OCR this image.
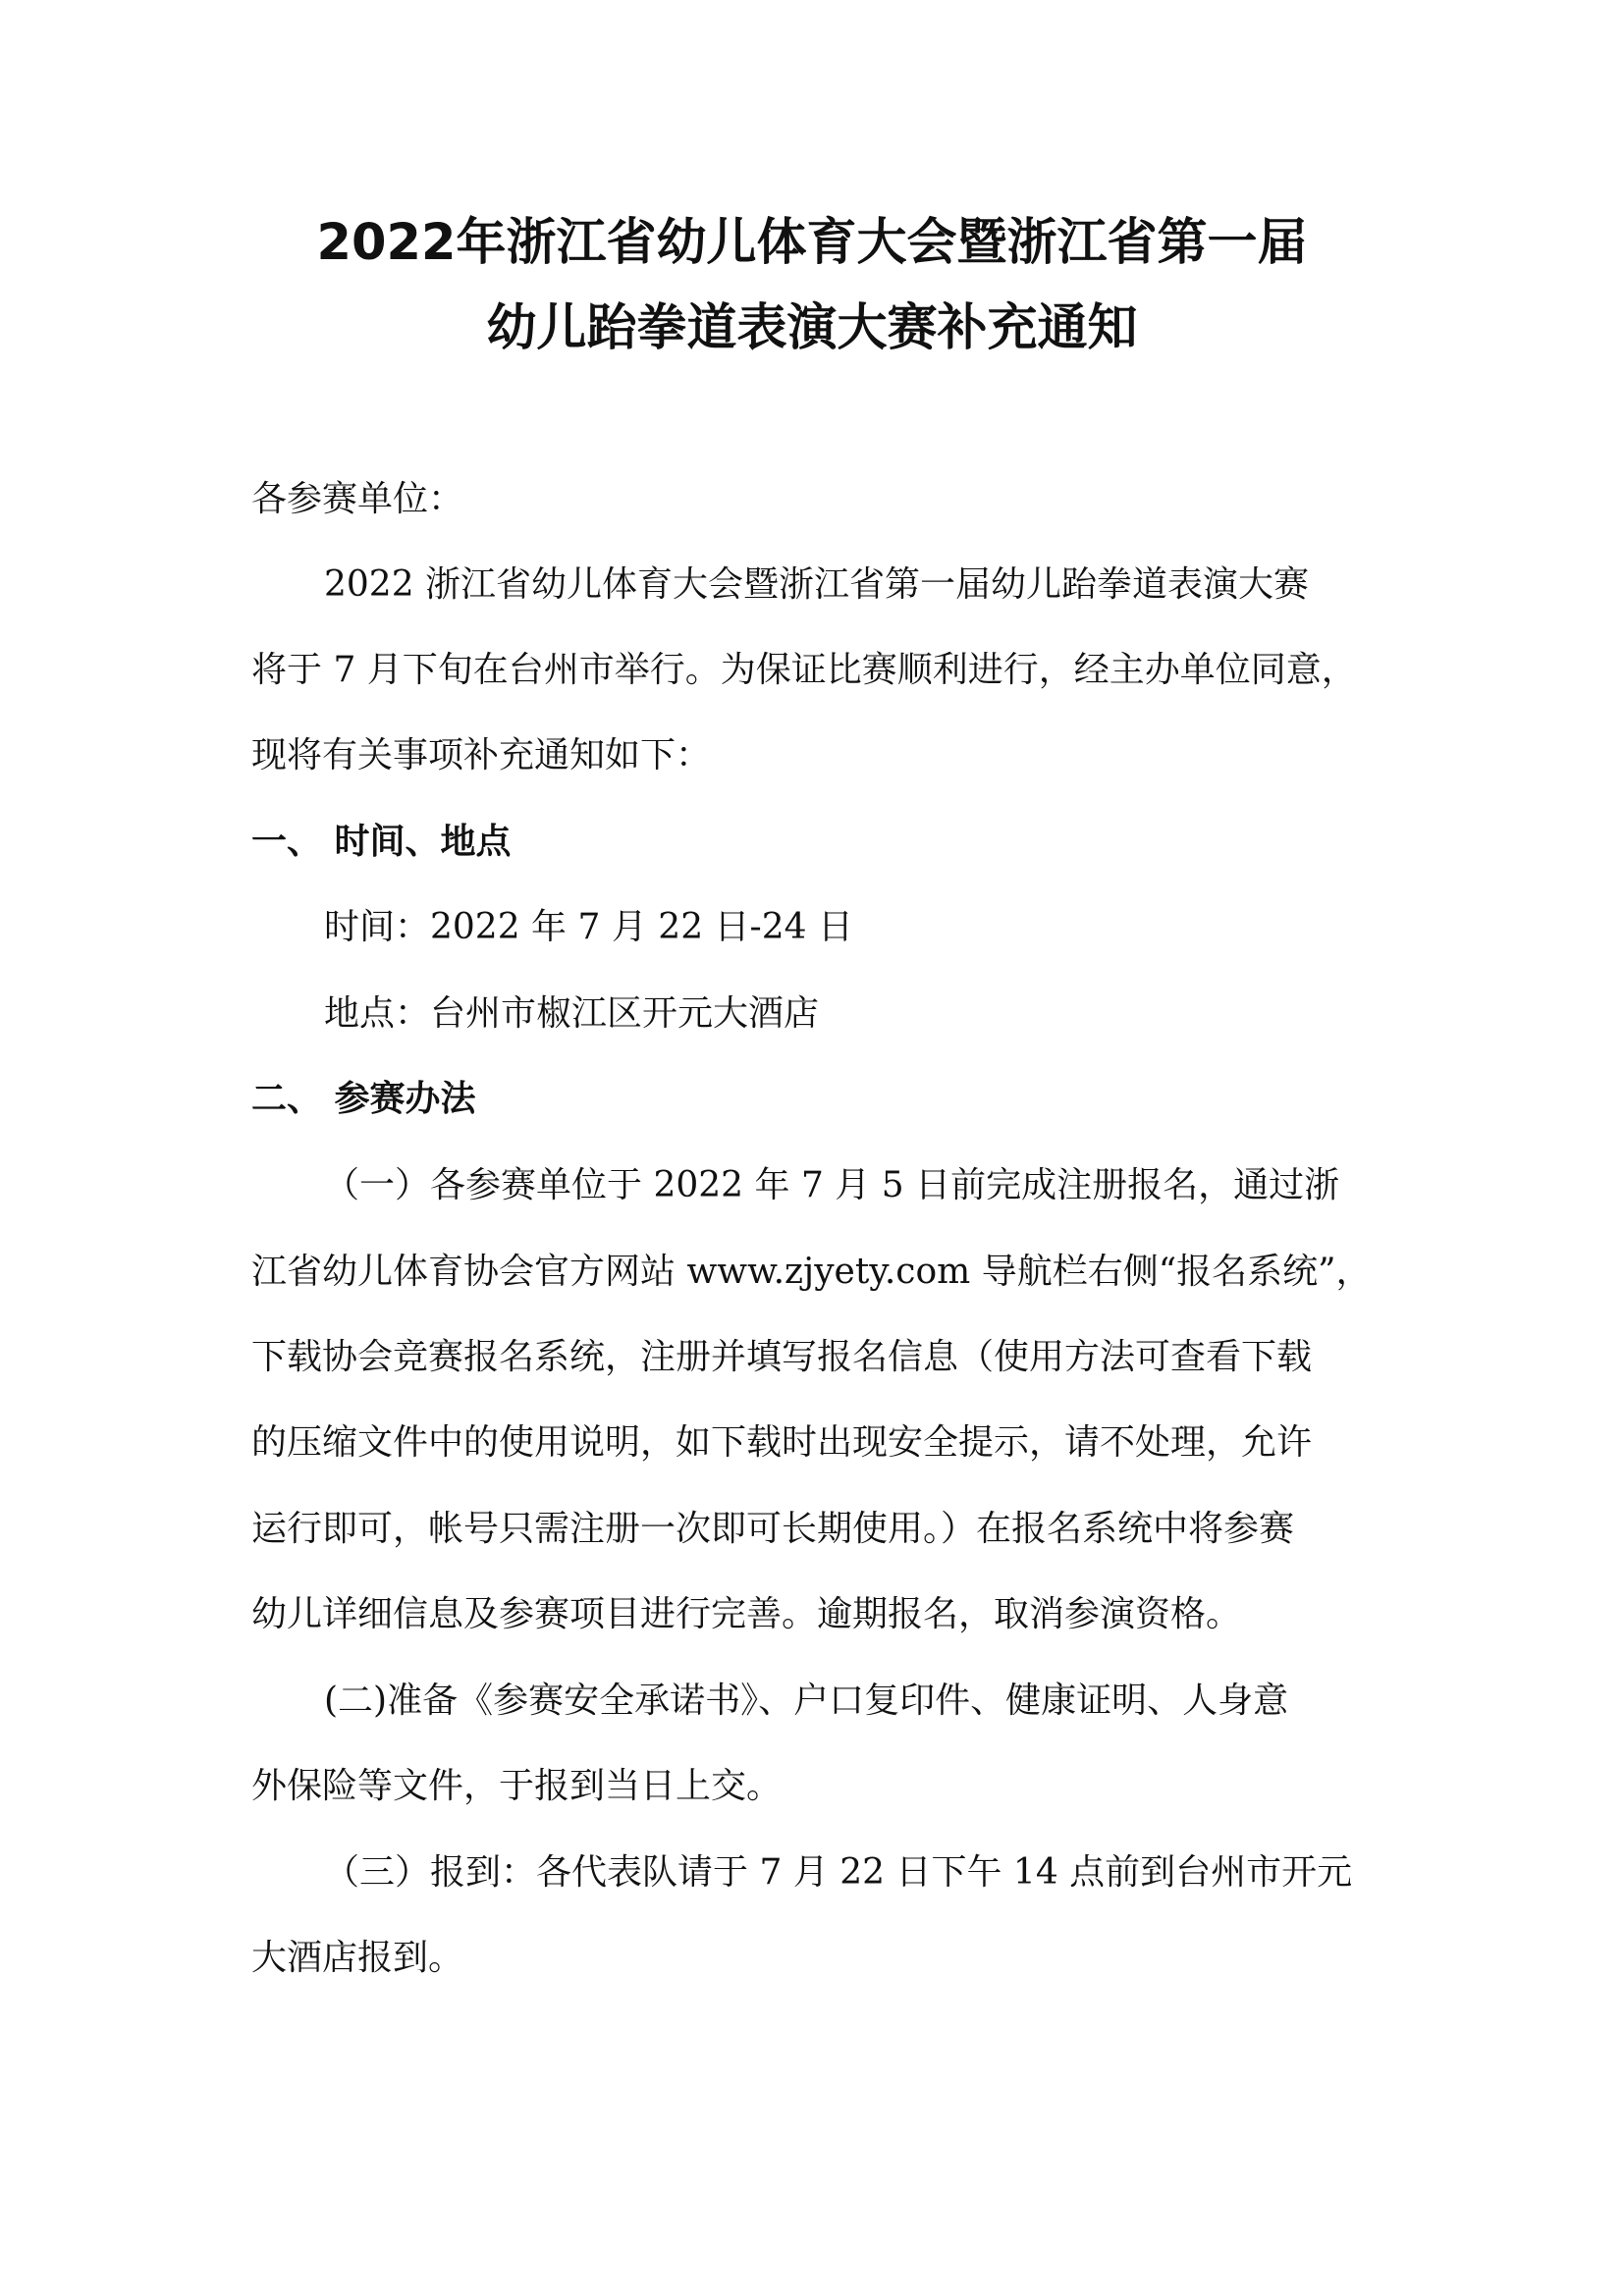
2022年浙江省幼儿体育大会暨浙江省第一届
幼儿跆拳道表演大赛补充通知
各参赛单位：
2022 浙江省幼儿体育大会暨浙江省第一届幼儿跆拳道表演大赛
将于 7 月下旬在台州市举行。为保证比赛顺利进行，经主办单位同意，
现将有关事项补充通知如下：
一、 时间、地点
时间：2022 年 7 月 22 日-24 日
地点：台州市椒江区开元大酒店
二、 参赛办法
（一）各参赛单位于 2022 年 7 月 5 日前完成注册报名，通过浙
江省幼儿体育协会官方网站 www.zjyety.com 导航栏右侧“报名系统”，
下载协会竞赛报名系统，注册并填写报名信息（使用方法可查看下载
的压缩文件中的使用说明，如下载时出现安全提示，请不处理，允许
运行即可，帐号只需注册一次即可长期使用。）在报名系统中将参赛
幼儿详细信息及参赛项目进行完善。逾期报名，取消参演资格。
(二)准备《参赛安全承诺书》、户口复印件、健康证明、人身意
外保险等文件，于报到当日上交。
（三）报到：各代表队请于 7 月 22 日下午 14 点前到台州市开元
大酒店报到。
